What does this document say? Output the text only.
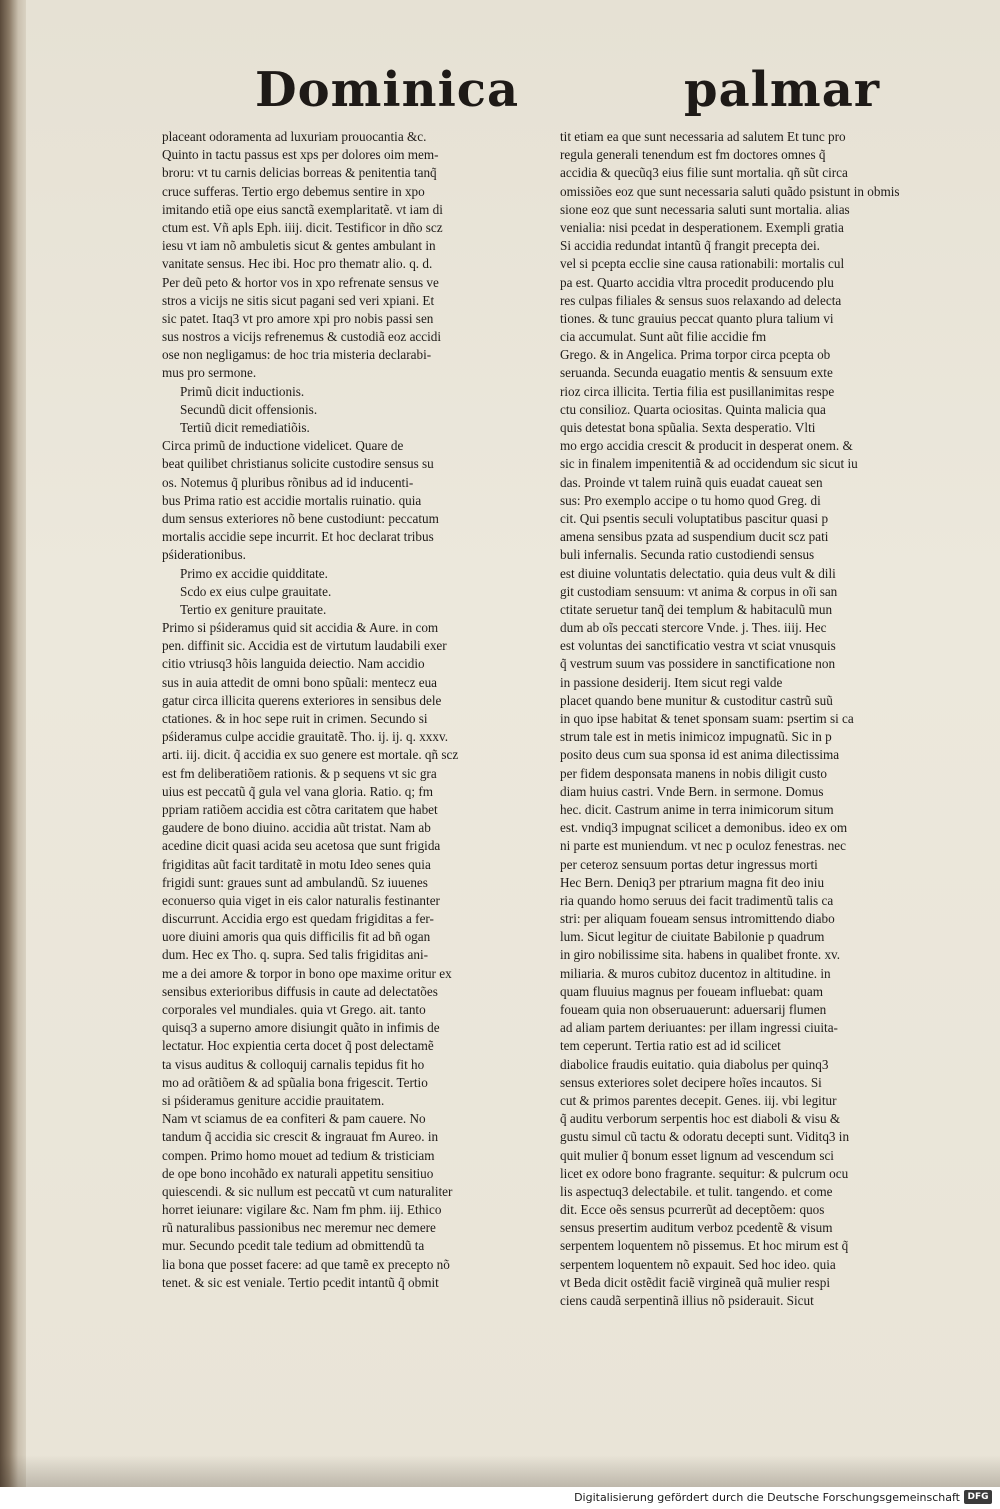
Dominica	palmar
placeant odoramenta ad luxuriam prouocantia &c.
Quinto in tactu passus est xps per dolores oim mem-
broru: vt tu carnis delicias borreas & penitentia tanq̃
cruce sufferas. Tertio ergo debemus sentire in xpo
imitando etiã ope eius sanctã exemplaritatẽ. vt iam di
ctum est. Vñ apls Eph. iiij. dicit. Testificor in dño scz
iesu vt iam nõ ambuletis sicut & gentes ambulant in
vanitate sensus. Hec ibi. Hoc pro thematr alio. q. d.
Per deũ peto & hortor vos in xpo refrenate sensus ve
stros a vicijs ne sitis sicut pagani sed veri xpiani. Et
sic patet. Itaq3 vt pro amore xpi pro nobis passi sen
sus nostros a vicijs refrenemus & custodiã eoz accidi
ose non negligamus: de hoc tria misteria declarabi-
mus pro sermone.
Primũ dicit inductionis.
Secundũ dicit offensionis.
Tertiũ dicit remediatiõis.
Circa primũ de inductione videlicet. Quare de
beat quilibet christianus solicite custodire sensus su
os. Notemus q̃ pluribus rõnibus ad id inducenti-
bus Prima ratio est accidie mortalis ruinatio. quia
dum sensus exteriores nõ bene custodiunt: peccatum
mortalis accidie sepe incurrit. Et hoc declarat tribus
pśiderationibus.
Primo ex accidie quidditate.
Scdo ex eius culpe grauitate.
Tertio ex geniture prauitate.
Primo si pśideramus quid sit accidia & Aure. in com
pen. diffinit sic. Accidia est de virtutum laudabili exer
citio vtriusq3 hõis languida deiectio. Nam accidio
sus in auia attedit de omni bono spũali: mentecz eua
gatur circa illicita querens exteriores in sensibus dele
ctationes. & in hoc sepe ruit in crimen. Secundo si
pśideramus culpe accidie grauitatẽ. Tho. ij. ij. q. xxxv.
arti. iij. dicit. q̃ accidia ex suo genere est mortale. qñ scz
est fm deliberatiõem rationis. & p sequens vt sic gra
uius est peccatũ q̃ gula vel vana gloria. Ratio. q; fm
ppriam ratiõem accidia est cõtra caritatem que habet
gaudere de bono diuino. accidia aũt tristat. Nam ab
acedine dicit quasi acida seu acetosa que sunt frigida
frigiditas aũt facit tarditatẽ in motu Ideo senes quia
frigidi sunt: graues sunt ad ambulandũ. Sz iuuenes
econuerso quia viget in eis calor naturalis festinanter
discurrunt. Accidia ergo est quedam frigiditas a fer-
uore diuini amoris qua quis difficilis fit ad bñ ogan
dum. Hec ex Tho. q. supra. Sed talis frigiditas ani-
me a dei amore & torpor in bono ope maxime oritur ex
sensibus exterioribus diffusis in caute ad delectatões
corporales vel mundiales. quia vt Grego. ait. tanto
quisq3 a superno amore disiungit quãto in infimis de
lectatur. Hoc expientia certa docet q̃ post delectamẽ
ta visus auditus & colloquij carnalis tepidus fit ho
mo ad orãtiõem & ad spũalia bona frigescit. Tertio
si pśideramus geniture accidie prauitatem.
Nam vt sciamus de ea confiteri & pam cauere. No
tandum q̃ accidia sic crescit & ingrauat fm Aureo. in
compen. Primo homo mouet ad tedium & tristiciam
de ope bono incohãdo ex naturali appetitu sensitiuo
quiescendi. & sic nullum est peccatũ vt cum naturaliter
horret ieiunare: vigilare &c. Nam fm phm. iij. Ethico
rũ naturalibus passionibus nec meremur nec demere
mur. Secundo pcedit tale tedium ad obmittendũ ta
lia bona que posset facere: ad que tamẽ ex precepto nõ
tenet. & sic est veniale. Tertio pcedit intantũ q̃ obmit
tit etiam ea que sunt necessaria ad salutem Et tunc pro
regula generali tenendum est fm doctores omnes q̃
accidia & quecũq3 eius filie sunt mortalia. qñ sũt circa
omissiões eoz que sunt necessaria saluti quãdo psistunt in obmis
sione eoz que sunt necessaria saluti sunt mortalia. alias
venialia: nisi pcedat in desperationem. Exempli gratia
Si accidia redundat intantũ q̃ frangit precepta dei.
vel si pcepta ecclie sine causa rationabili: mortalis cul
pa est. Quarto accidia vltra procedit producendo plu
res culpas filiales & sensus suos relaxando ad delecta
tiones. & tunc grauius peccat quanto plura talium vi
cia accumulat. Sunt aũt filie accidie fm
Grego. & in Angelica. Prima torpor circa pcepta ob
seruanda. Secunda euagatio mentis & sensuum exte
rioz circa illicita. Tertia filia est pusillanimitas respe
ctu consilioz. Quarta ociositas. Quinta malicia qua
quis detestat bona spũalia. Sexta desperatio. Vlti
mo ergo accidia crescit & producit in desperat onem. &
sic in finalem impenitentiã & ad occidendum sic sicut iu
das. Proinde vt talem ruinã quis euadat caueat sen
sus: Pro exemplo accipe o tu homo quod Greg. di
cit. Qui psentis seculi voluptatibus pascitur quasi p
amena sensibus pzata ad suspendium ducit scz pati
buli infernalis. Secunda ratio custodiendi sensus
est diuine voluntatis delectatio. quia deus vult & dili
git custodiam sensuum: vt anima & corpus in oĩi san
ctitate seruetur tanq̃ dei templum & habitaculũ mun
dum ab oĩs peccati stercore Vnde. j. Thes. iiij. Hec
est voluntas dei sanctificatio vestra vt sciat vnusquis
q̃ vestrum suum vas possidere in sanctificatione non
in passione desiderij. Item sicut regi valde
placet quando bene munitur & custoditur castrũ suũ
in quo ipse habitat & tenet sponsam suam: psertim si ca
strum tale est in metis inimicoz impugnatũ. Sic in p
posito deus cum sua sponsa id est anima dilectissima
per fidem desponsata manens in nobis diligit custo
diam huius castri. Vnde Bern. in sermone. Domus
hec. dicit. Castrum anime in terra inimicorum situm
est. vndiq3 impugnat scilicet a demonibus. ideo ex om
ni parte est muniendum. vt nec p oculoz fenestras. nec
per ceteroz sensuum portas detur ingressus morti
Hec Bern. Deniq3 per ptrarium magna fit deo iniu
ria quando homo seruus dei facit tradimentũ talis ca
stri: per aliquam foueam sensus intromittendo diabo
lum. Sicut legitur de ciuitate Babilonie p quadrum
in giro nobilissime sita. habens in qualibet fronte. xv.
miliaria. & muros cubitoz ducentoz in altitudine. in
quam fluuius magnus per foueam influebat: quam
foueam quia non obseruauerunt: aduersarij flumen
ad aliam partem deriuantes: per illam ingressi ciuita-
tem ceperunt. Tertia ratio est ad id scilicet
diabolice fraudis euitatio. quia diabolus per quinq3
sensus exteriores solet decipere hoĩes incautos. Si
cut & primos parentes decepit. Genes. iij. vbi legitur
q̃ auditu verborum serpentis hoc est diaboli & visu &
gustu simul cũ tactu & odoratu decepti sunt. Viditq3 in
quit mulier q̃ bonum esset lignum ad vescendum sci
licet ex odore bono fragrante. sequitur: & pulcrum ocu
lis aspectuq3 delectabile. et tulit. tangendo. et come
dit. Ecce oẽs sensus pcurrerũt ad deceptõem: quos
sensus presertim auditum verboz pcedentẽ & visum
serpentem loquentem nõ pissemus. Et hoc mirum est q̃
serpentem loquentem nõ expauit. Sed hoc ideo. quia
vt Beda dicit ostẽdit faciẽ virgineã quã mulier respi
ciens caudã serpentinã illius nõ psiderauit. Sicut
Digitalisierung gefördert durch die Deutsche Forschungsgemeinschaft DFG
